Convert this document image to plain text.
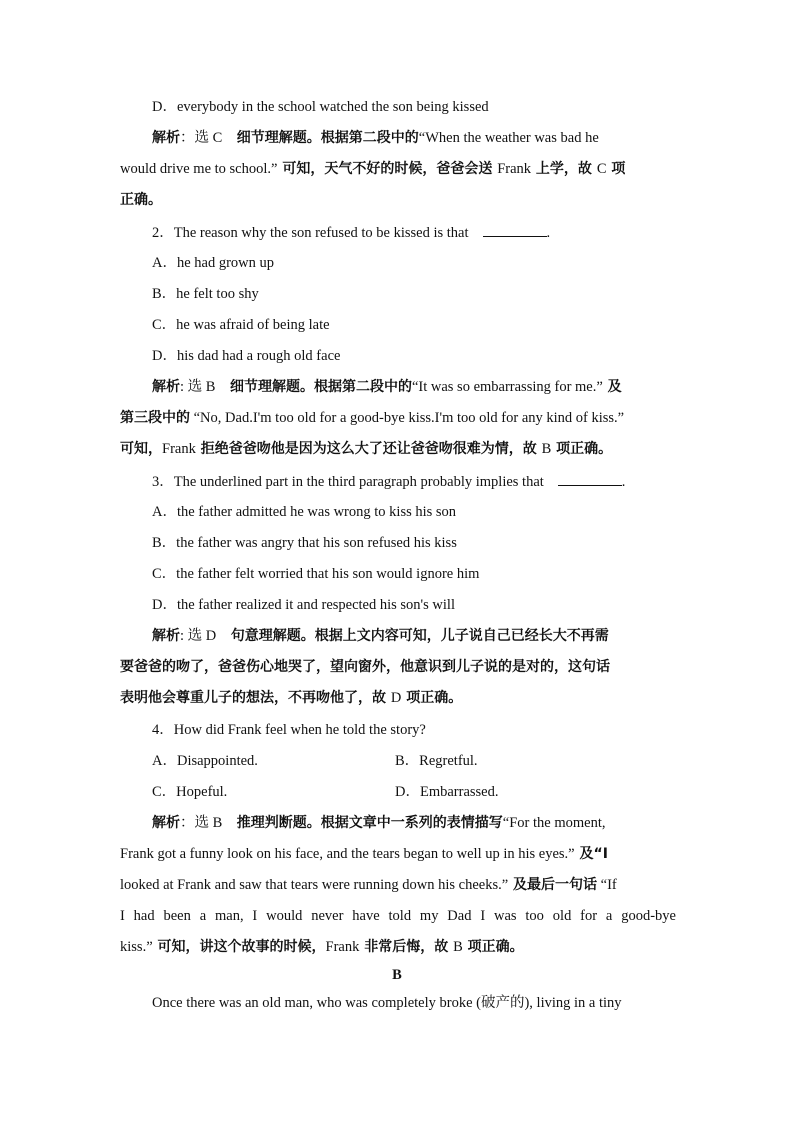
D．everybody in the school watched the son being kissed
解析：选 C　细节理解题。根据第二段中的“When the weather was bad he
would drive me to school.” 可知，天气不好的时候，爸爸会送 Frank 上学，故 C 项
正确。
2．The reason why the son refused to be kissed is that	.
A．he had grown up
B．he felt too shy
C．he was afraid of being late
D．his dad had a rough old face
解析: 选 B　细节理解题。根据第二段中的“It was so embarrassing for me.” 及
第三段中的 “No, Dad.I'm too old for a good-bye kiss.I'm too old for any kind of kiss.”
可知，Frank 拒绝爸爸吻他是因为这么大了还让爸爸吻很难为情，故 B 项正确。
3．The underlined part in the third paragraph probably implies that	.
A．the father admitted he was wrong to kiss his son
B．the father was angry that his son refused his kiss
C．the father felt worried that his son would ignore him
D．the father realized it and respected his son's will
解析: 选 D　句意理解题。根据上文内容可知，儿子说自己已经长大不再需
要爸爸的吻了，爸爸伤心地哭了，望向窗外，他意识到儿子说的是对的，这句话
表明他会尊重儿子的想法，不再吻他了，故 D 项正确。
4．How did Frank feel when he told the story?
A．Disappointed.	B．Regretful.
C．Hopeful.	D．Embarrassed.
解析：选 B　推理判断题。根据文章中一系列的表情描写“For the moment,
Frank got a funny look on his face, and the tears began to well up in his eyes.” 及“I
looked at Frank and saw that tears were running down his cheeks.” 及最后一句话 “If
I had been a man, I would never have told my Dad I was too old for a good-bye
kiss.” 可知，讲这个故事的时候，Frank 非常后悔，故 B 项正确。
B
Once there was an old man, who was completely broke (破产的), living in a tiny
